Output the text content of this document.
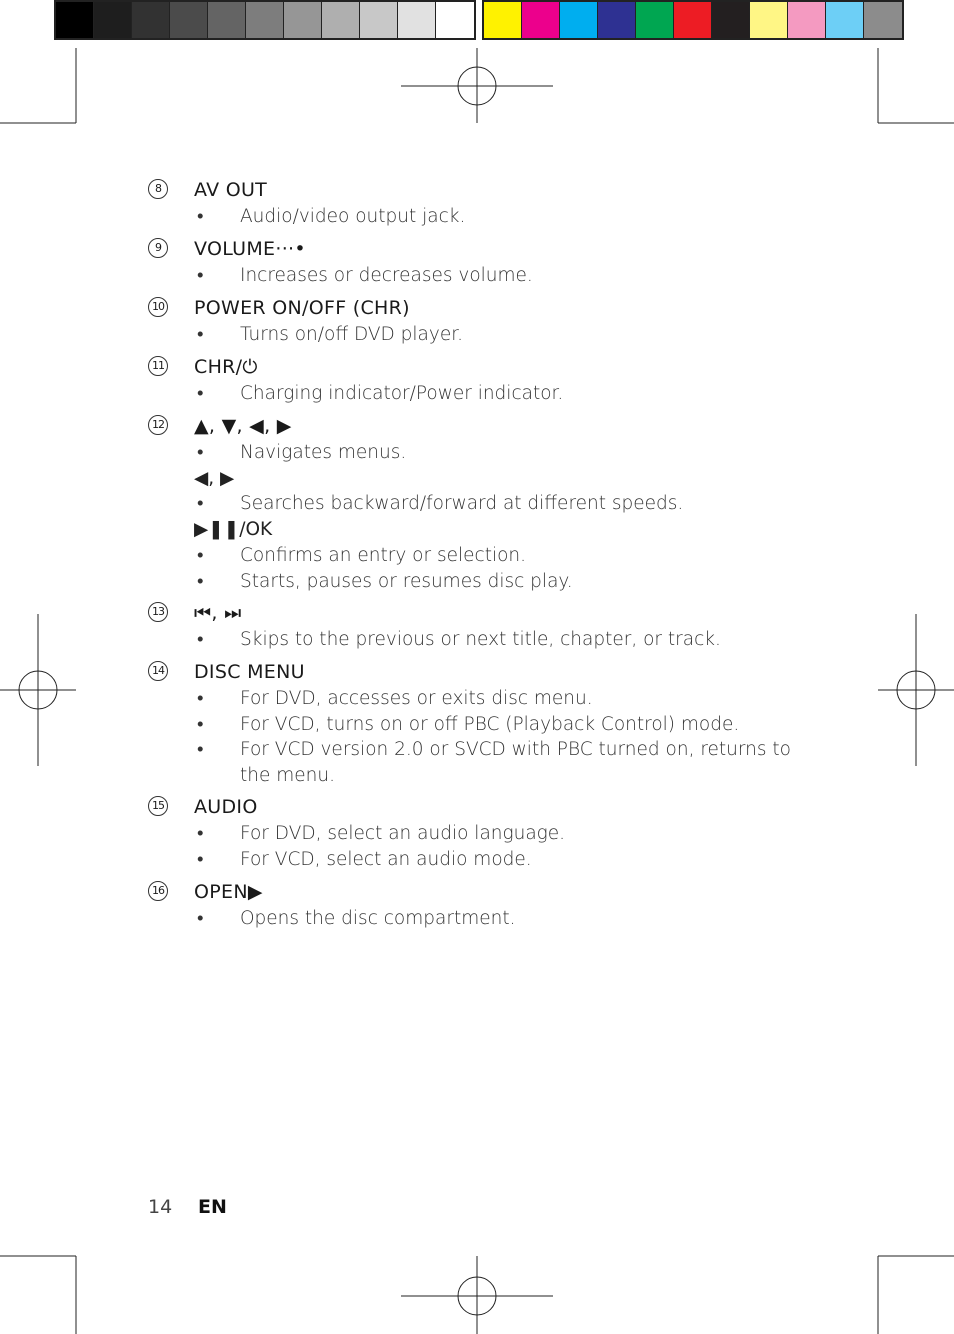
8	AV OUT
• Audio/video output jack.
9	VOLUME···•
• Increases or decreases volume.
10 POWER ON/OFF (CHR)
• Turns on/off DVD player.
11 CHR/⏻
• Charging indicator/Power indicator.
12 ▲, ▼, ◀, ▶
• Navigates menus.
◀, ▶
• Searches backward/forward at different speeds.
▶❚❚/OK
• Confirms an entry or selection.
• Starts, pauses or resumes disc play.
13 ⏮, ⏭
• Skips to the previous or next title, chapter, or track.
14 DISC MENU
• For DVD, accesses or exits disc menu.
• For VCD, turns on or off PBC (Playback Control) mode.
• For VCD version 2.0 or SVCD with PBC turned on, returns to the menu.
15 AUDIO
• For DVD, select an audio language.
• For VCD, select an audio mode.
16 OPEN▶
• Opens the disc compartment.
14 EN
